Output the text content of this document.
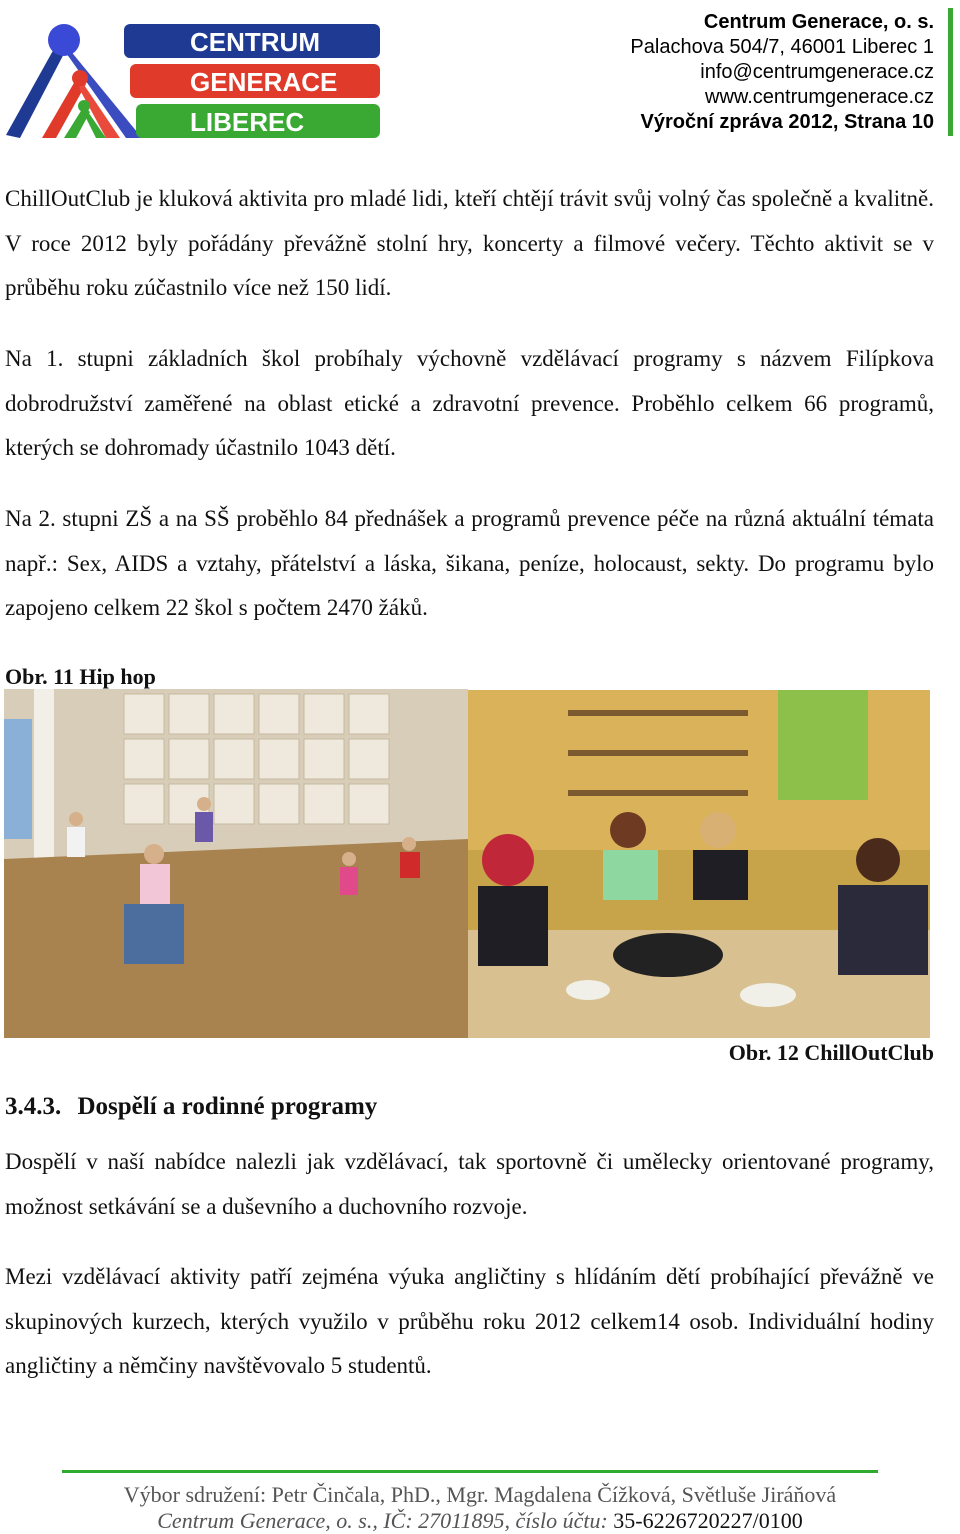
CENTRUM
GENERACE
LIBEREC
Centrum Generace, o. s.
Palachova 504/7, 46001 Liberec 1
info@centrumgenerace.cz
www.centrumgenerace.cz
Výroční zpráva 2012, Strana 10

ChillOutClub je kluková aktivita pro mladé lidi, kteří chtějí trávit svůj volný čas společně a kvalitně. V roce 2012 byly pořádány převážně stolní hry, koncerty a filmové večery. Těchto aktivit se v průběhu roku zúčastnilo více než 150 lidí.

Na 1. stupni základních škol probíhaly výchovně vzdělávací programy s názvem Filípkova dobrodružství zaměřené na oblast etické a zdravotní prevence. Proběhlo celkem 66 programů, kterých se dohromady účastnilo 1043 dětí.

Na 2. stupni ZŠ a na SŠ proběhlo 84 přednášek a programů prevence péče na různá aktuální témata např.: Sex, AIDS a vztahy, přátelství a láska, šikana, peníze, holocaust, sekty. Do programu bylo zapojeno celkem 22 škol s počtem 2470 žáků.

Obr. 11 Hip hop
Obr. 12 ChillOutClub
3.4.3. Dospělí a rodinné programy

Dospělí v naší nabídce nalezli jak vzdělávací, tak sportovně či umělecky orientované programy, možnost setkávání se a duševního a duchovního rozvoje.

Mezi vzdělávací aktivity patří zejména výuka angličtiny s hlídáním dětí probíhající převážně ve skupinových kurzech, kterých využilo v průběhu roku 2012 celkem14 osob. Individuální hodiny angličtiny a němčiny navštěvovalo 5 studentů.

Výbor sdružení: Petr Činčala, PhD., Mgr. Magdalena Čížková, Světluše Jiráňová
Centrum Generace, o. s., IČ: 27011895, číslo účtu: 35-6226720227/0100
